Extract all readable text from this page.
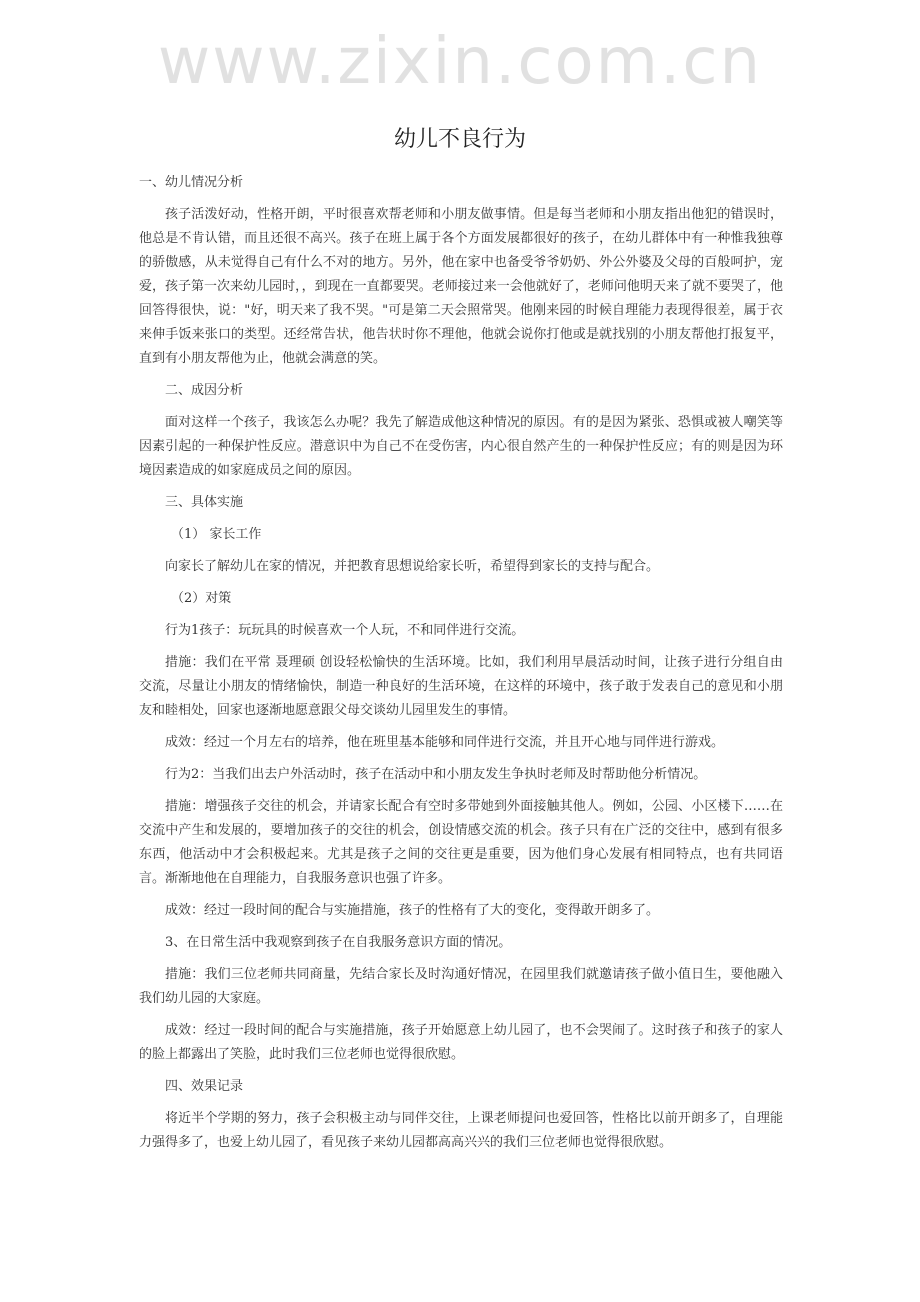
www.zixin.com.cn
幼儿不良行为

一、幼儿情况分析

孩子活泼好动，性格开朗，平时很喜欢帮老师和小朋友做事情。但是每当老师和小朋友指出他犯的错误时，他总是不肯认错，而且还很不高兴。孩子在班上属于各个方面发展都很好的孩子，在幼儿群体中有一种惟我独尊的骄傲感，从未觉得自己有什么不对的地方。另外，他在家中也备受爷爷奶奶、外公外婆及父母的百般呵护，宠爱，孩子第一次来幼儿园时，，到现在一直都要哭。老师接过来一会他就好了，老师问他明天来了就不要哭了，他回答得很快，说："好，明天来了我不哭。"可是第二天会照常哭。他刚来园的时候自理能力表现得很差，属于衣来伸手饭来张口的类型。还经常告状，他告状时你不理他，他就会说你打他或是就找别的小朋友帮他打报复平，直到有小朋友帮他为止，他就会满意的笑。

二、成因分析

面对这样一个孩子，我该怎么办呢？我先了解造成他这种情况的原因。有的是因为紧张、恐惧或被人嘲笑等因素引起的一种保护性反应。潜意识中为自己不在受伤害，内心很自然产生的一种保护性反应；有的则是因为环境因素造成的如家庭成员之间的原因。

三、具体实施

（1） 家长工作

向家长了解幼儿在家的情况，并把教育思想说给家长听，希望得到家长的支持与配合。

（2）对策

行为1孩子：玩玩具的时候喜欢一个人玩，不和同伴进行交流。

措施：我们在平常 聂理硕 创设轻松愉快的生活环境。比如，我们利用早晨活动时间，让孩子进行分组自由交流，尽量让小朋友的情绪愉快，制造一种良好的生活环境，在这样的环境中，孩子敢于发表自己的意见和小朋友和睦相处，回家也逐渐地愿意跟父母交谈幼儿园里发生的事情。

成效：经过一个月左右的培养，他在班里基本能够和同伴进行交流，并且开心地与同伴进行游戏。

行为2：当我们出去户外活动时，孩子在活动中和小朋友发生争执时老师及时帮助他分析情况。

措施：增强孩子交往的机会，并请家长配合有空时多带她到外面接触其他人。例如，公园、小区楼下……在交流中产生和发展的，要增加孩子的交往的机会，创设情感交流的机会。孩子只有在广泛的交往中，感到有很多东西，他活动中才会积极起来。尤其是孩子之间的交往更是重要，因为他们身心发展有相同特点，也有共同语言。渐渐地他在自理能力，自我服务意识也强了许多。

成效：经过一段时间的配合与实施措施，孩子的性格有了大的变化，变得敢开朗多了。

3、在日常生活中我观察到孩子在自我服务意识方面的情况。

措施：我们三位老师共同商量，先结合家长及时沟通好情况，在园里我们就邀请孩子做小值日生，要他融入我们幼儿园的大家庭。

成效：经过一段时间的配合与实施措施，孩子开始愿意上幼儿园了，也不会哭闹了。这时孩子和孩子的家人的脸上都露出了笑脸，此时我们三位老师也觉得很欣慰。

四、效果记录

将近半个学期的努力，孩子会积极主动与同伴交往，上课老师提问也爱回答，性格比以前开朗多了，自理能力强得多了，也爱上幼儿园了，看见孩子来幼儿园都高高兴兴的我们三位老师也觉得很欣慰。
